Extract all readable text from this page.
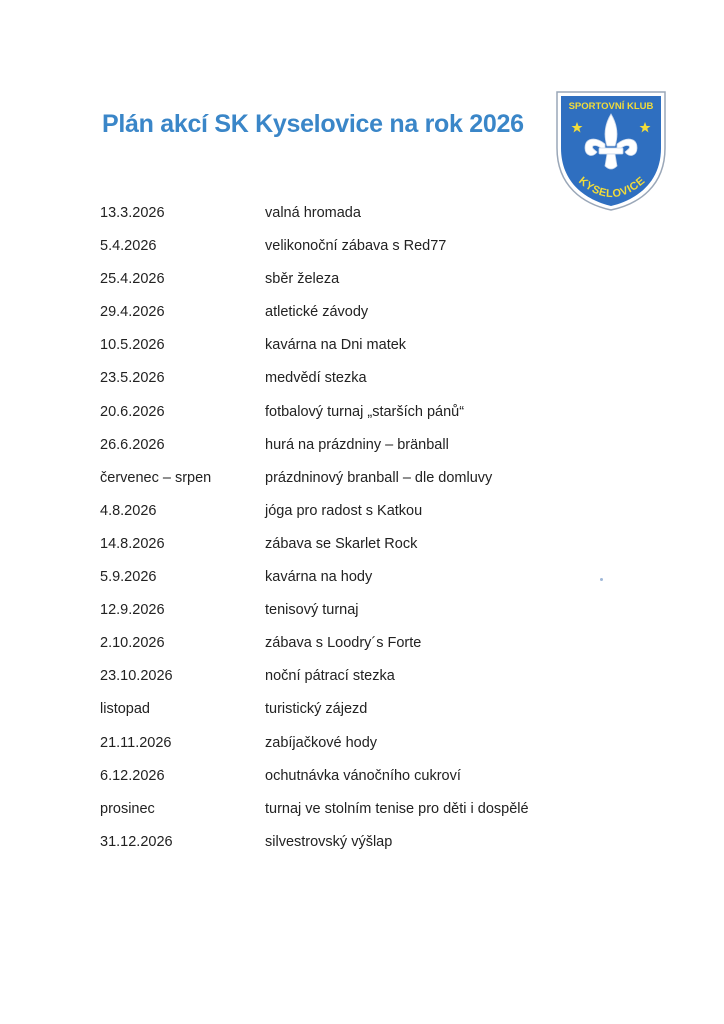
Plán akcí SK Kyselovice na rok 2026
SPORTOVNÍ KLUB
KYSELOVICE
13.3.2026	valná hromada
5.4.2026	velikonoční zábava s Red77
25.4.2026	sběr železa
29.4.2026	atletické závody
10.5.2026	kavárna na Dni matek
23.5.2026	medvědí stezka
20.6.2026	fotbalový turnaj „starších pánů“
26.6.2026	hurá na prázdniny – bränball
červenec – srpen	prázdninový branball – dle domluvy
4.8.2026	jóga pro radost s Katkou
14.8.2026	zábava se Skarlet Rock
5.9.2026	kavárna na hody
12.9.2026	tenisový turnaj
2.10.2026	zábava s Loodry´s Forte
23.10.2026	noční pátrací stezka
listopad	turistický zájezd
21.11.2026	zabíjačkové hody
6.12.2026	ochutnávka vánočního cukroví
prosinec	turnaj ve stolním tenise pro děti i dospělé
31.12.2026	silvestrovský výšlap
